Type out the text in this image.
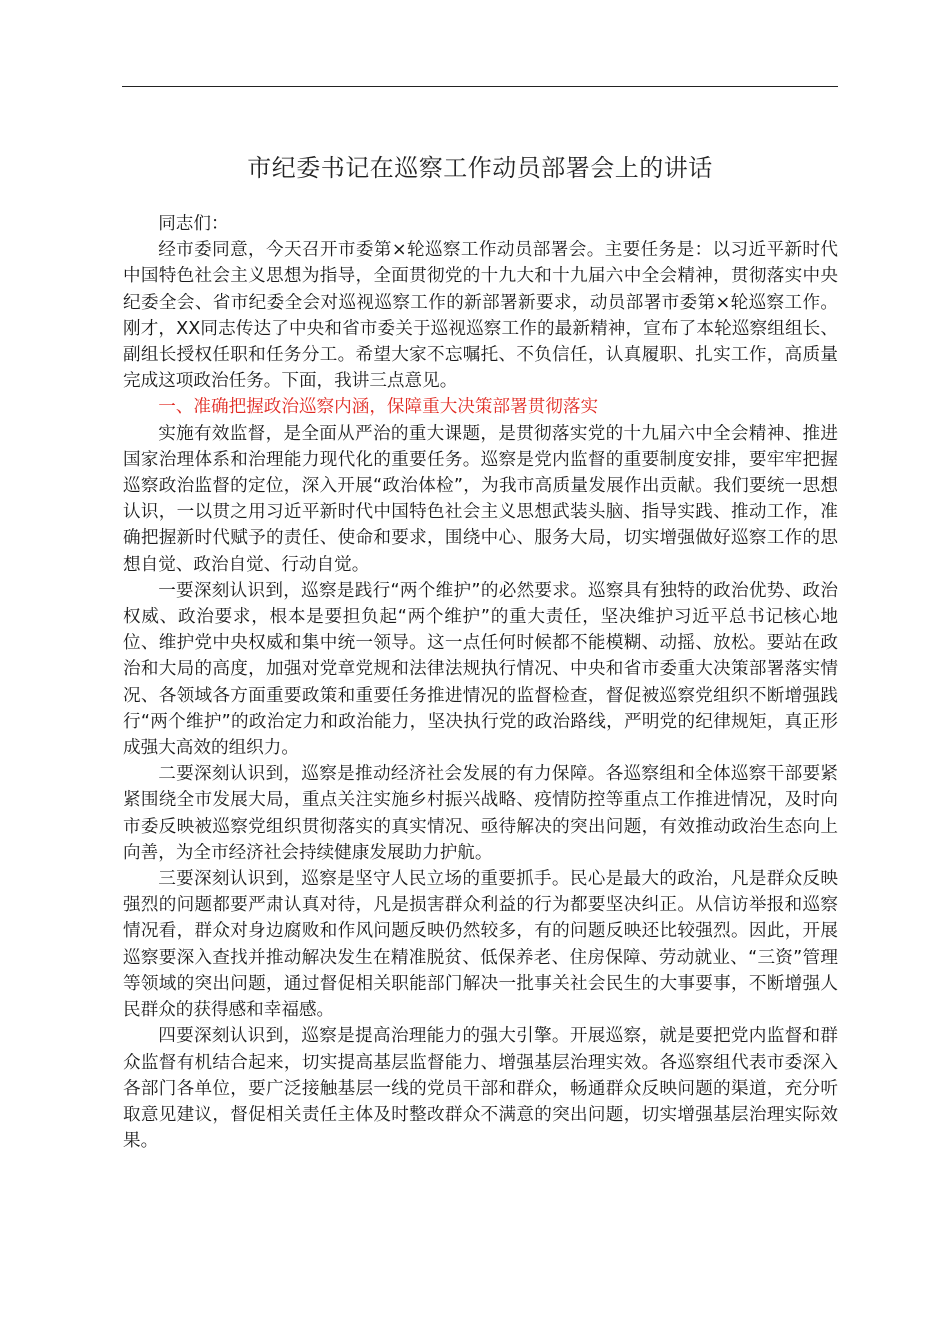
市纪委书记在巡察工作动员部署会上的讲话

同志们：

经市委同意，今天召开市委第×轮巡察工作动员部署会。主要任务是：以习近平新时代中国特色社会主义思想为指导，全面贯彻党的十九大和十九届六中全会精神，贯彻落实中央纪委全会、省市纪委全会对巡视巡察工作的新部署新要求，动员部署市委第×轮巡察工作。刚才，XX同志传达了中央和省市委关于巡视巡察工作的最新精神，宣布了本轮巡察组组长、副组长授权任职和任务分工。希望大家不忘嘱托、不负信任，认真履职、扎实工作，高质量完成这项政治任务。下面，我讲三点意见。

一、准确把握政治巡察内涵，保障重大决策部署贯彻落实

实施有效监督，是全面从严治的重大课题，是贯彻落实党的十九届六中全会精神、推进国家治理体系和治理能力现代化的重要任务。巡察是党内监督的重要制度安排，要牢牢把握巡察政治监督的定位，深入开展“政治体检”，为我市高质量发展作出贡献。我们要统一思想认识，一以贯之用习近平新时代中国特色社会主义思想武装头脑、指导实践、推动工作，准确把握新时代赋予的责任、使命和要求，围绕中心、服务大局，切实增强做好巡察工作的思想自觉、政治自觉、行动自觉。

一要深刻认识到，巡察是践行“两个维护”的必然要求。巡察具有独特的政治优势、政治权威、政治要求，根本是要担负起“两个维护”的重大责任，坚决维护习近平总书记核心地位、维护党中央权威和集中统一领导。这一点任何时候都不能模糊、动摇、放松。要站在政治和大局的高度，加强对党章党规和法律法规执行情况、中央和省市委重大决策部署落实情况、各领域各方面重要政策和重要任务推进情况的监督检查，督促被巡察党组织不断增强践行“两个维护”的政治定力和政治能力，坚决执行党的政治路线，严明党的纪律规矩，真正形成强大高效的组织力。

二要深刻认识到，巡察是推动经济社会发展的有力保障。各巡察组和全体巡察干部要紧紧围绕全市发展大局，重点关注实施乡村振兴战略、疫情防控等重点工作推进情况，及时向市委反映被巡察党组织贯彻落实的真实情况、亟待解决的突出问题，有效推动政治生态向上向善，为全市经济社会持续健康发展助力护航。

三要深刻认识到，巡察是坚守人民立场的重要抓手。民心是最大的政治，凡是群众反映强烈的问题都要严肃认真对待，凡是损害群众利益的行为都要坚决纠正。从信访举报和巡察情况看，群众对身边腐败和作风问题反映仍然较多，有的问题反映还比较强烈。因此，开展巡察要深入查找并推动解决发生在精准脱贫、低保养老、住房保障、劳动就业、“三资”管理等领域的突出问题，通过督促相关职能部门解决一批事关社会民生的大事要事，不断增强人民群众的获得感和幸福感。

四要深刻认识到，巡察是提高治理能力的强大引擎。开展巡察，就是要把党内监督和群众监督有机结合起来，切实提高基层监督能力、增强基层治理实效。各巡察组代表市委深入各部门各单位，要广泛接触基层一线的党员干部和群众，畅通群众反映问题的渠道，充分听取意见建议，督促相关责任主体及时整改群众不满意的突出问题，切实增强基层治理实际效果。
